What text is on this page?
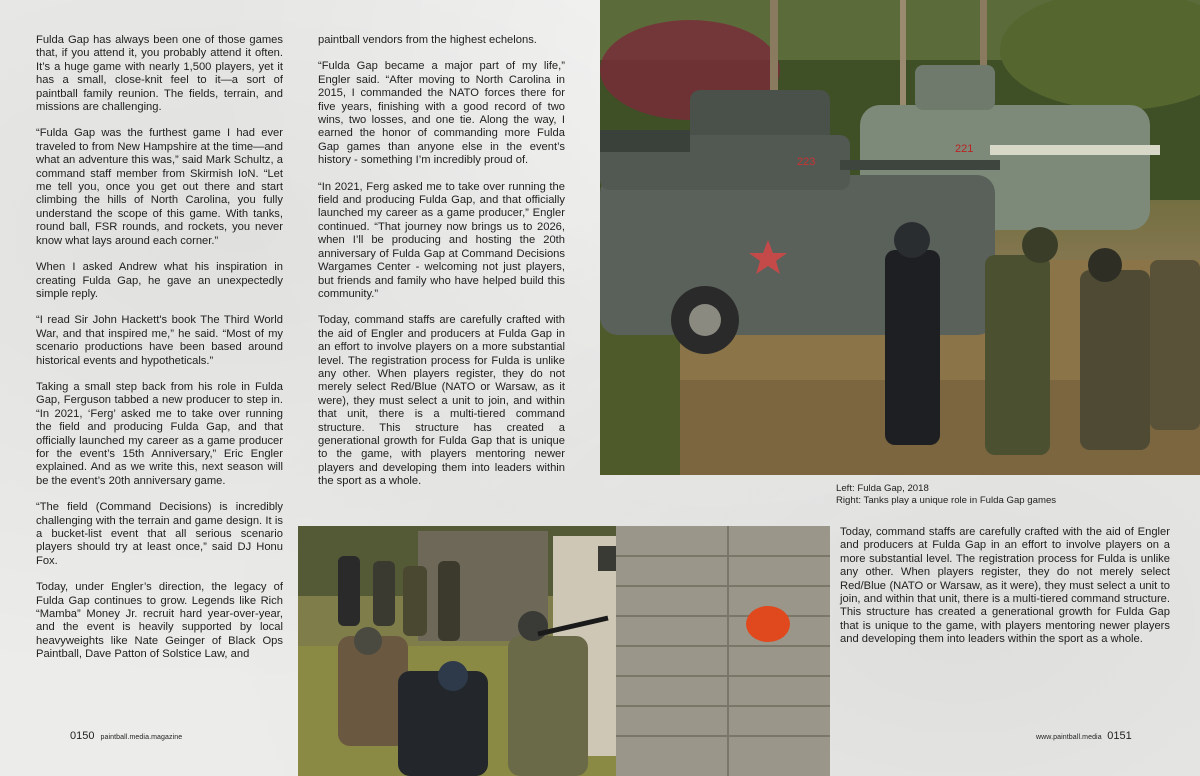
Fulda Gap has always been one of those games that, if you attend it, you probably attend it often. It’s a huge game with nearly 1,500 players, yet it has a small, close-knit feel to it—a sort of paintball family reunion. The fields, terrain, and missions are challenging.

“Fulda Gap was the furthest game I had ever traveled to from New Hampshire at the time—and what an adventure this was,” said Mark Schultz, a command staff member from Skirmish IoN. “Let me tell you, once you get out there and start climbing the hills of North Carolina, you fully understand the scope of this game. With tanks, round ball, FSR rounds, and rockets, you never know what lays around each corner.”

When I asked Andrew what his inspiration in creating Fulda Gap, he gave an unexpectedly simple reply.

“I read Sir John Hackett's book The Third World War, and that inspired me,” he said. “Most of my scenario productions have been based around historical events and hypotheticals.”

Taking a small step back from his role in Fulda Gap, Ferguson tabbed a new producer to step in. “In 2021, ‘Ferg’ asked me to take over running the field and producing Fulda Gap, and that officially launched my career as a game producer for the event’s 15th Anniversary,” Eric Engler explained. And as we write this, next season will be the event’s 20th anniversary game.

“The field (Command Decisions) is incredibly challenging with the terrain and game design. It is a bucket-list event that all serious scenario players should try at least once,” said DJ Honu Fox.

Today, under Engler’s direction, the legacy of Fulda Gap continues to grow. Legends like Rich “Mamba” Money Jr. recruit hard year-over-year, and the event is heavily supported by local heavyweights like Nate Geinger of Black Ops Paintball, Dave Patton of Solstice Law, and

paintball vendors from the highest echelons.

“Fulda Gap became a major part of my life,” Engler said. “After moving to North Carolina in 2015, I commanded the NATO forces there for five years, finishing with a good record of two wins, two losses, and one tie. Along the way, I earned the honor of commanding more Fulda Gap games than anyone else in the event’s history - something I’m incredibly proud of.

“In 2021, Ferg asked me to take over running the field and producing Fulda Gap, and that officially launched my career as a game producer,” Engler continued. “That journey now brings us to 2026, when I’ll be producing and hosting the 20th anniversary of Fulda Gap at Command Decisions Wargames Center - welcoming not just players, but friends and family who have helped build this community.”

Today, command staffs are carefully crafted with the aid of Engler and producers at Fulda Gap in an effort to involve players on a more substantial level. The registration process for Fulda is unlike any other. When players register, they do not merely select Red/Blue (NATO or Warsaw, as it were), they must select a unit to join, and within that unit, there is a multi-tiered command structure. This structure has created a generational growth for Fulda Gap that is unique to the game, with players mentoring newer players and developing them into leaders within the sport as a whole.

221
223
Left: Fulda Gap, 2018
Right: Tanks play a unique role in Fulda Gap games

Today, command staffs are carefully crafted with the aid of Engler and producers at Fulda Gap in an effort to involve players on a more substantial level. The registration process for Fulda is unlike any other. When players register, they do not merely select Red/Blue (NATO or Warsaw, as it were), they must select a unit to join, and within that unit, there is a multi-tiered command structure. This structure has created a generational growth for Fulda Gap that is unique to the game, with players mentoring newer players and developing them into leaders within the sport as a whole.

0150 paintball.media.magazine	www.paintball.media 0151
